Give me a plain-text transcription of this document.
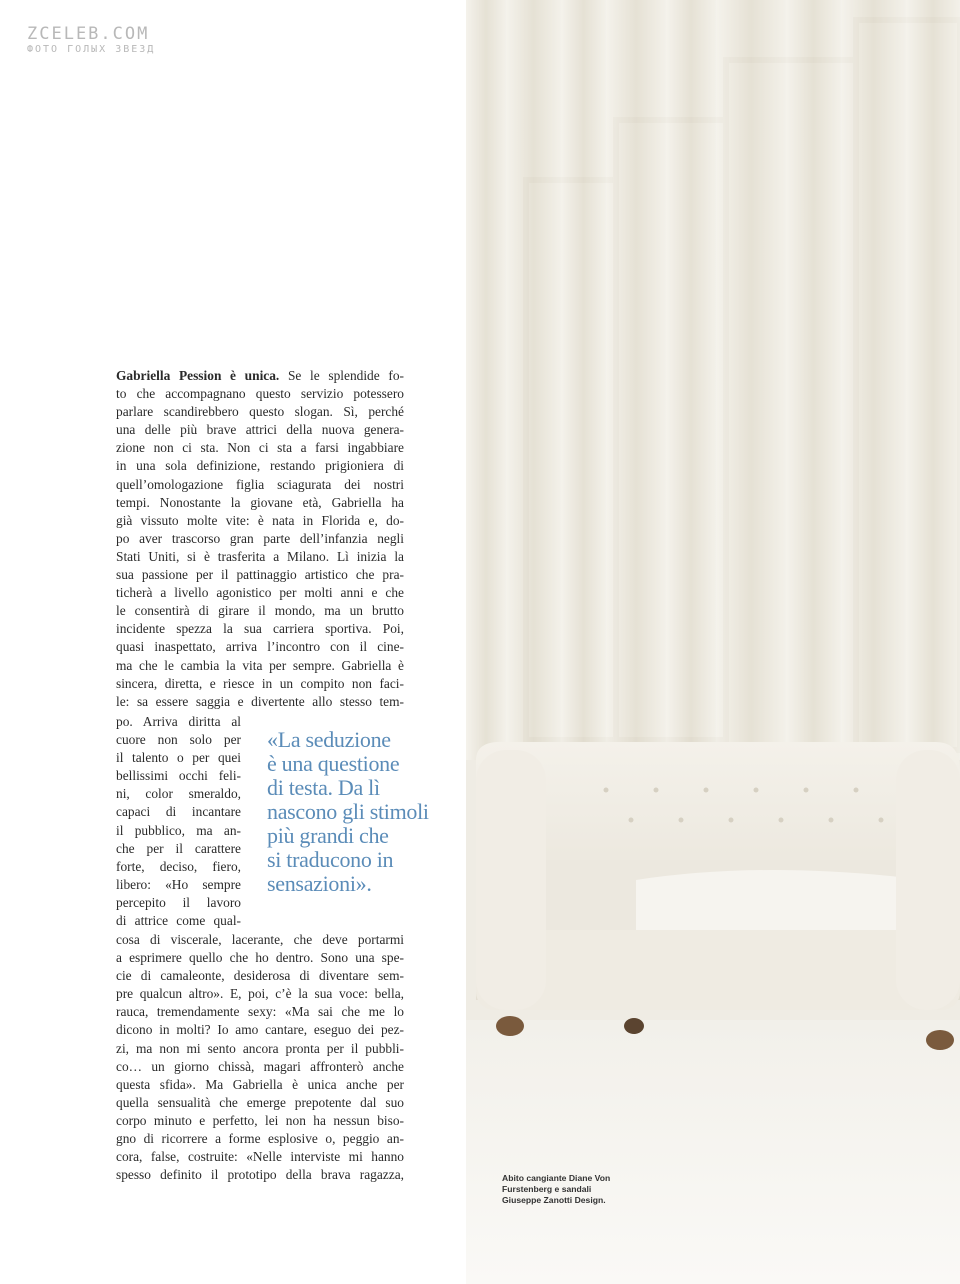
ZCELEB.COM
ФОТО ГОЛЫХ ЗВЕЗД
Gabriella Pession è unica. Se le splendide fo-
to che accompagnano questo servizio potessero
parlare scandirebbero questo slogan. Sì, perché
una delle più brave attrici della nuova genera-
zione non ci sta. Non ci sta a farsi ingabbiare
in una sola definizione, restando prigioniera di
quell’omologazione figlia sciagurata dei nostri
tempi. Nonostante la giovane età, Gabriella ha
già vissuto molte vite: è nata in Florida e, do-
po aver trascorso gran parte dell’infanzia negli
Stati Uniti, si è trasferita a Milano. Lì inizia la
sua passione per il pattinaggio artistico che pra-
ticherà a livello agonistico per molti anni e che
le consentirà di girare il mondo, ma un brutto
incidente spezza la sua carriera sportiva. Poi,
quasi inaspettato, arriva l’incontro con il cine-
ma che le cambia la vita per sempre. Gabriella è
sincera, diretta, e riesce in un compito non faci-
le: sa essere saggia e divertente allo stesso tem-
po. Arriva diritta al
cuore non solo per
il talento o per quei
bellissimi occhi feli-
ni, color smeraldo,
capaci di incantare
il pubblico, ma an-
che per il carattere
forte, deciso, fiero,
libero: «Ho sempre
percepito il lavoro
di attrice come qual-
«La seduzione
è una questione
di testa. Da lì
nascono gli stimoli
più grandi che
si traducono in
sensazioni».
cosa di viscerale, lacerante, che deve portarmi
a esprimere quello che ho dentro. Sono una spe-
cie di camaleonte, desiderosa di diventare sem-
pre qualcun altro». E, poi, c’è la sua voce: bella,
rauca, tremendamente sexy: «Ma sai che me lo
dicono in molti? Io amo cantare, eseguo dei pez-
zi, ma non mi sento ancora pronta per il pubbli-
co… un giorno chissà, magari affronterò anche
questa sfida». Ma Gabriella è unica anche per
quella sensualità che emerge prepotente dal suo
corpo minuto e perfetto, lei non ha nessun biso-
gno di ricorrere a forme esplosive o, peggio an-
cora, false, costruite: «Nelle interviste mi hanno
spesso definito il prototipo della brava ragazza,	Abito cangiante Diane Von
Furstenberg e sandali
Giuseppe Zanotti Design.
